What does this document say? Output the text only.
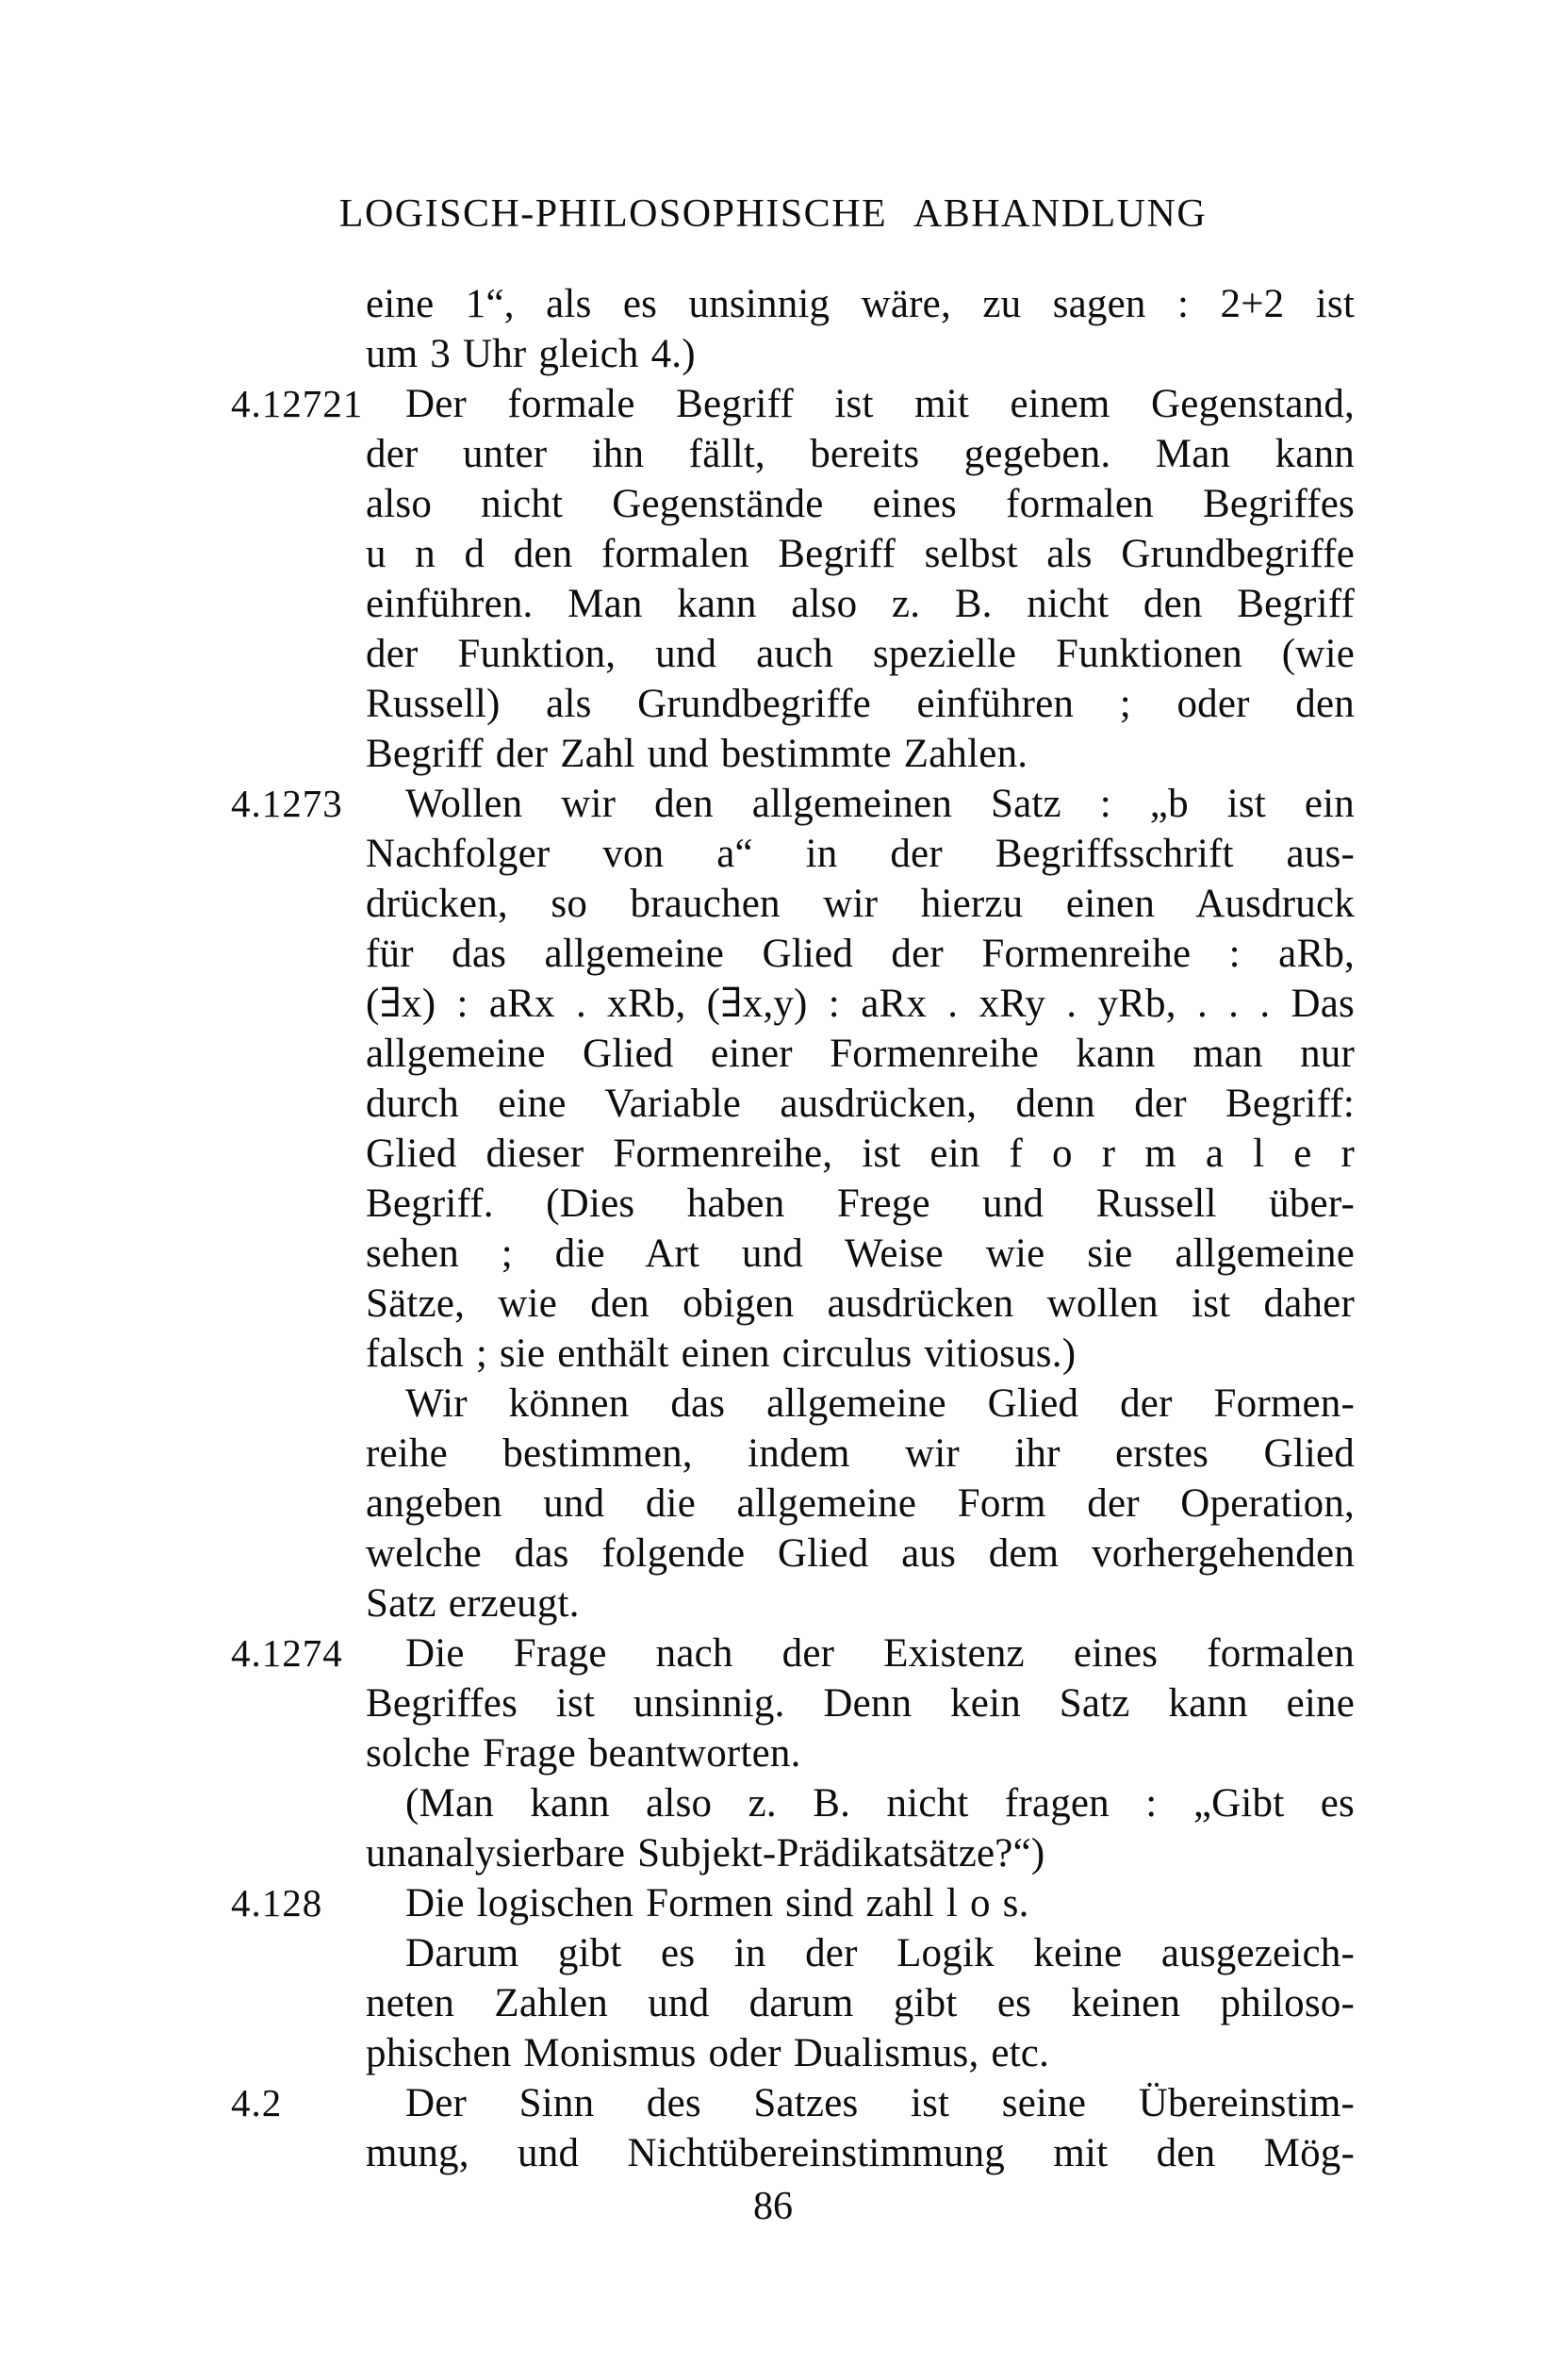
LOGISCH-PHILOSOPHISCHE ABHANDLUNG
eine 1“, als es unsinnig wäre, zu sagen : 2+2 ist
um 3 Uhr gleich 4.)
4.12721	Der formale Begriff ist mit einem Gegenstand,
der unter ihn fällt, bereits gegeben. Man kann
also nicht Gegenstände eines formalen Begriffes
u n d den formalen Begriff selbst als Grundbegriffe
einführen. Man kann also z. B. nicht den Begriff
der Funktion, und auch spezielle Funktionen (wie
Russell) als Grundbegriffe einführen ; oder den
Begriff der Zahl und bestimmte Zahlen.
4.1273	Wollen wir den allgemeinen Satz : „b ist ein
Nachfolger von a“ in der Begriffsschrift aus-
drücken, so brauchen wir hierzu einen Ausdruck
für das allgemeine Glied der Formenreihe : aRb,
(∃x) : aRx . xRb, (∃x,y) : aRx . xRy . yRb, . . . Das
allgemeine Glied einer Formenreihe kann man nur
durch eine Variable ausdrücken, denn der Begriff:
Glied dieser Formenreihe, ist ein f o r m a l e r
Begriff. (Dies haben Frege und Russell über-
sehen ; die Art und Weise wie sie allgemeine
Sätze, wie den obigen ausdrücken wollen ist daher
falsch ; sie enthält einen circulus vitiosus.)
Wir können das allgemeine Glied der Formen-
reihe bestimmen, indem wir ihr erstes Glied
angeben und die allgemeine Form der Operation,
welche das folgende Glied aus dem vorhergehenden
Satz erzeugt.
4.1274	Die Frage nach der Existenz eines formalen
Begriffes ist unsinnig. Denn kein Satz kann eine
solche Frage beantworten.
(Man kann also z. B. nicht fragen : „Gibt es
unanalysierbare Subjekt-Prädikatsätze?“)
4.128	Die logischen Formen sind zahl l o s.
Darum gibt es in der Logik keine ausgezeich-
neten Zahlen und darum gibt es keinen philoso-
phischen Monismus oder Dualismus, etc.
4.2	Der Sinn des Satzes ist seine Übereinstim-
mung, und Nichtübereinstimmung mit den Mög-
86
